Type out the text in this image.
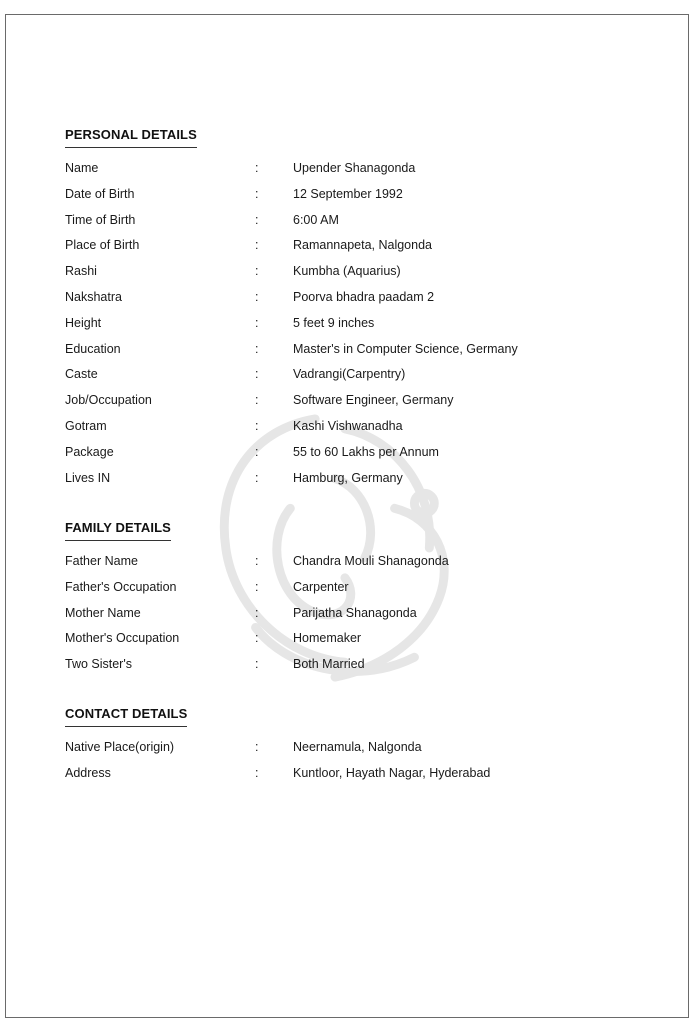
PERSONAL DETAILS
Name	:	Upender Shanagonda
Date of Birth	:	12 September 1992
Time of Birth	:	6:00 AM
Place of Birth	:	Ramannapeta, Nalgonda
Rashi	:	Kumbha (Aquarius)
Nakshatra	:	Poorva bhadra paadam 2
Height	:	5 feet 9 inches
Education	:	Master's in Computer Science, Germany
Caste	:	Vadrangi(Carpentry)
Job/Occupation	:	Software Engineer, Germany
Gotram	:	Kashi Vishwanadha
Package	:	55 to 60 Lakhs per Annum
Lives IN	:	Hamburg, Germany
FAMILY DETAILS
Father Name	:	Chandra Mouli Shanagonda
Father's Occupation	:	Carpenter
Mother Name	:	Parijatha Shanagonda
Mother's Occupation	:	Homemaker
Two Sister's	:	Both Married
CONTACT DETAILS
Native Place(origin)	:	Neernamula, Nalgonda
Address	:	Kuntloor, Hayath Nagar, Hyderabad
